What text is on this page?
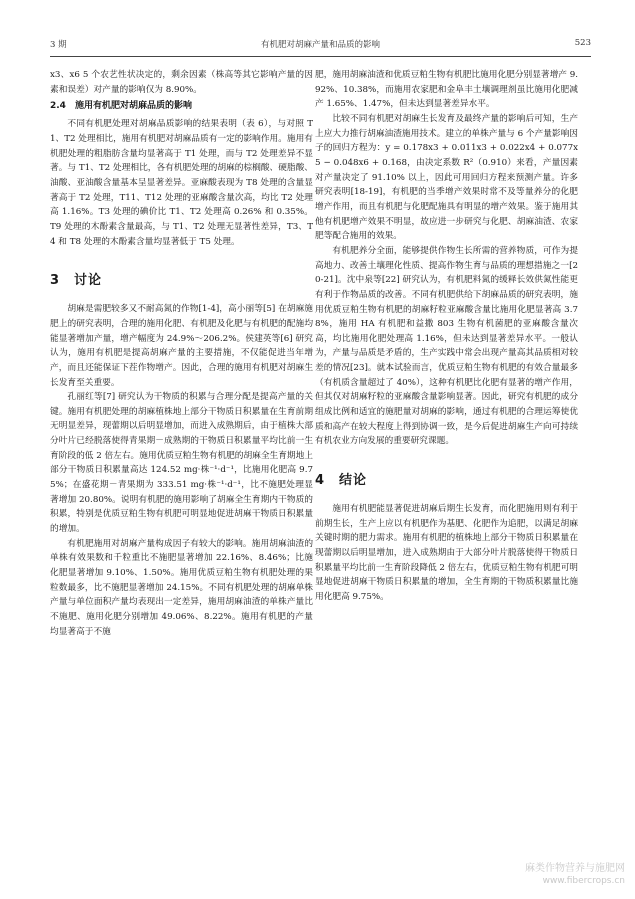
3 期	有机肥对胡麻产量和品质的影响	523

x3、x6 5 个农艺性状决定的，剩余因素（株高等其它影响产量的因素和误差）对产量的影响仅为 8.90%。

2.4　施用有机肥对胡麻品质的影响

不同有机肥处理对胡麻品质影响的结果表明（表 6），与对照 T1、T2 处理相比，施用有机肥对胡麻品质有一定的影响作用。施用有机肥处理的粗脂肪含量均显著高于 T1 处理，而与 T2 处理差异不显著。与 T1、T2 处理相比，各有机肥处理的胡麻的棕榈酸、硬脂酸、油酸、亚油酸含量基本呈显著差异。亚麻酸表现为 T8 处理的含量显著高于 T2 处理，T11、T12 处理的亚麻酸含量次高，均比 T2 处理高 1.16%。T3 处理的碘价比 T1、T2 处理高 0.26% 和 0.35%。T9 处理的木酚素含量最高，与 T1、T2 处理无显著性差异，T3、T4 和 T8 处理的木酚素含量均显著低于 T5 处理。

3 讨论

胡麻是需肥较多又不耐高氮的作物[1-4]，高小丽等[5] 在胡麻施肥上的研究表明，合理的施用化肥、有机肥及化肥与有机肥的配施均能显著增加产量，增产幅度为 24.9%～206.2%。侯建英等[6] 研究认为，施用有机肥是提高胡麻产量的主要措施，不仅能促进当年增产，而且还能保证下茬作物增产。因此，合理的施用有机肥对胡麻生长发育至关重要。

孔丽红等[7] 研究认为干物质的积累与合理分配是提高产量的关键。施用有机肥处理的胡麻植株地上部分干物质日积累量在生育前期无明显差异，现蕾期以后明显增加，而进入成熟期后，由于植株大部分叶片已经脱落使得青果期－成熟期的干物质日积累量平均比前一生育阶段的低 2 倍左右。施用优质豆粕生物有机肥的胡麻全生育期地上部分干物质日积累量高达 124.52 mg·株⁻¹·d⁻¹，比施用化肥高 9.75%；在盛花期－青果期为 333.51 mg·株⁻¹·d⁻¹，比不施肥处理显著增加 20.80%。说明有机肥的施用影响了胡麻全生育期内干物质的积累，特别是优质豆粕生物有机肥可明显地促进胡麻干物质日积累量的增加。

有机肥施用对胡麻产量构成因子有较大的影响。施用胡麻油渣的单株有效果数和千粒重比不施肥显著增加 22.16%、8.46%；比施化肥显著增加 9.10%、1.50%。施用优质豆粕生物有机肥处理的果粒数最多，比不施肥显著增加 24.15%。不同有机肥处理的胡麻单株产量与单位面积产量均表现出一定差异，施用胡麻油渣的单株产量比不施肥、施用化肥分别增加 49.06%、8.22%。施用有机肥的产量均显著高于不施

肥，施用胡麻油渣和优质豆粕生物有机肥比施用化肥分别显著增产 9.92%、10.38%，而施用农家肥和金阜丰土壤调理剂虽比施用化肥减产 1.65%、1.47%，但未达到显著差异水平。

比较不同有机肥对胡麻生长发育及最终产量的影响后可知，生产上应大力推行胡麻油渣施用技术。建立的单株产量与 6 个产量影响因子的回归方程为：y = 0.178x3 + 0.011x3 + 0.022x4 + 0.077x5 − 0.048x6 + 0.168，由决定系数 R²（0.910）来看，产量因素对产量决定了 91.10% 以上，因此可用回归方程来预测产量。许多研究表明[18-19]，有机肥的当季增产效果时常不及等量养分的化肥增产作用，而且有机肥与化肥配施具有明显的增产效果。鉴于施用其他有机肥增产效果不明显，故应进一步研究与化肥、胡麻油渣、农家肥等配合施用的效果。

有机肥养分全面，能够提供作物生长所需的营养物质，可作为提高地力、改善土壤理化性质、提高作物生育与品质的理想措施之一[20-21]。沈中泉等[22] 研究认为，有机肥料氮的缓释长效供氮性能更有利于作物品质的改善。不同有机肥供给下胡麻品质的研究表明，施用优质豆粕生物有机肥的胡麻籽粒亚麻酸含量比施用化肥显著高 3.78%，施用 HA 有机肥和益撒 803 生物有机菌肥的亚麻酸含量次高，均比施用化肥处理高 1.16%，但未达到显著差异水平。一般认为，产量与品质是矛盾的，生产实践中常会出现产量高其品质相对较差的情况[23]。就本试验而言，优质豆粕生物有机肥的有效合量最多（有机质含量超过了 40%），这种有机肥比化肥有显著的增产作用，但其仅对胡麻籽粒的亚麻酸含量影响显著。因此，研究有机肥的成分组成比例和适宜的施肥量对胡麻的影响，通过有机肥的合理运筹使优质和高产在较大程度上得到协调一致，是今后促进胡麻生产向可持续有机农业方向发展的重要研究课题。

4 结论

施用有机肥能显著促进胡麻后期生长发育，而化肥施用则有利于前期生长，生产上应以有机肥作为基肥、化肥作为追肥，以满足胡麻关键时期的肥力需求。施用有机肥的植株地上部分干物质日积累量在现蕾期以后明显增加，进入成熟期由于大部分叶片脱落使得干物质日积累量平均比前一生育阶段降低 2 倍左右，优质豆粕生物有机肥可明显地促进胡麻干物质日积累量的增加，全生育期的干物质积累量比施用化肥高 9.75%。

麻类作物营养与施肥网
www.fibercrops.cn
